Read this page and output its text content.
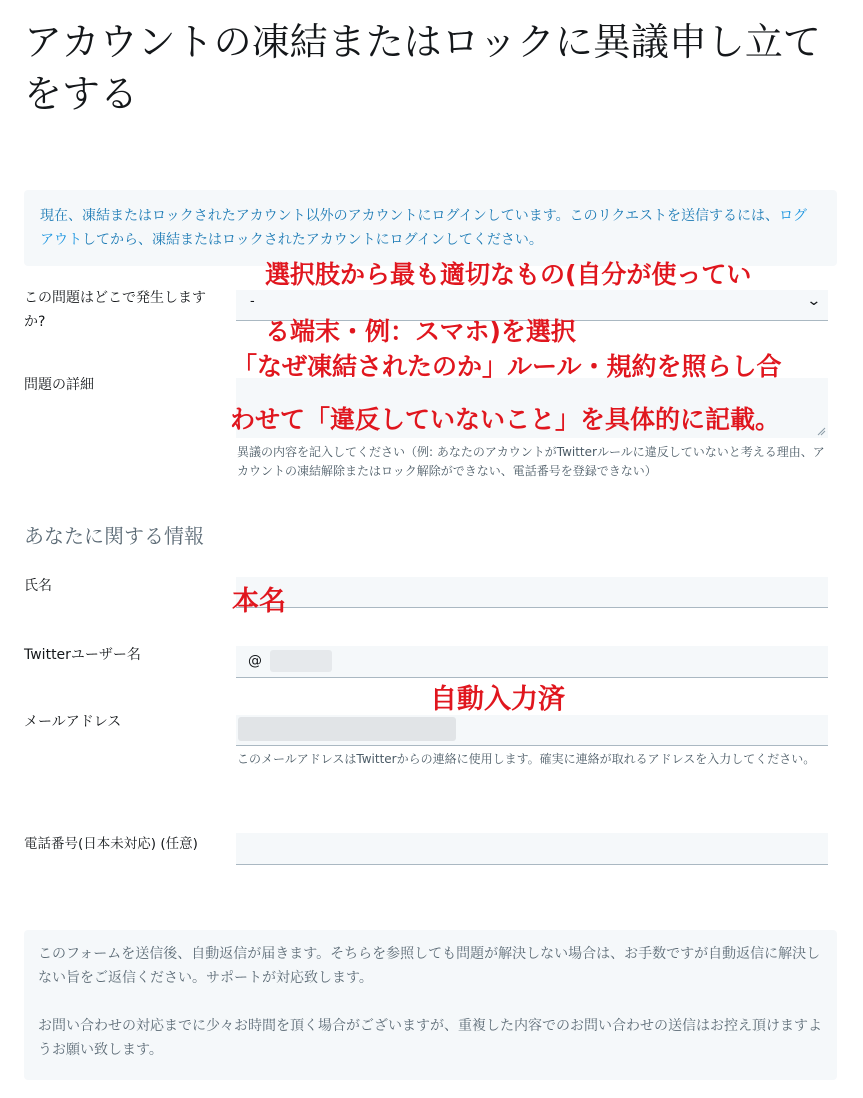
アカウントの凍結またはロックに異議申し立てをする
現在、凍結またはロックされたアカウント以外のアカウントにログインしています。このリクエストを送信するには、ログアウトしてから、凍結またはロックされたアカウントにログインしてください。
この問題はどこで発生しますか?
-	⌄
問題の詳細
異議の内容を記入してください（例: あなたのアカウントがTwitterルールに違反していないと考える理由、アカウントの凍結解除またはロック解除ができない、電話番号を登録できない）
あなたに関する情報
氏名
Twitterユーザー名	@
メールアドレス
このメールアドレスはTwitterからの連絡に使用します。確実に連絡が取れるアドレスを入力してください。
電話番号(日本未対応) (任意)
選択肢から最も適切なもの(自分が使ってい
る端末・例：スマホ)を選択
「なぜ凍結されたのか」ルール・規約を照らし合
わせて「違反していないこと」を具体的に記載。
本名
自動入力済

このフォームを送信後、自動返信が届きます。そちらを参照しても問題が解決しない場合は、お手数ですが自動返信に解決しない旨をご返信ください。サポートが対応致します。

お問い合わせの対応までに少々お時間を頂く場合がございますが、重複した内容でのお問い合わせの送信はお控え頂けますようお願い致します。
